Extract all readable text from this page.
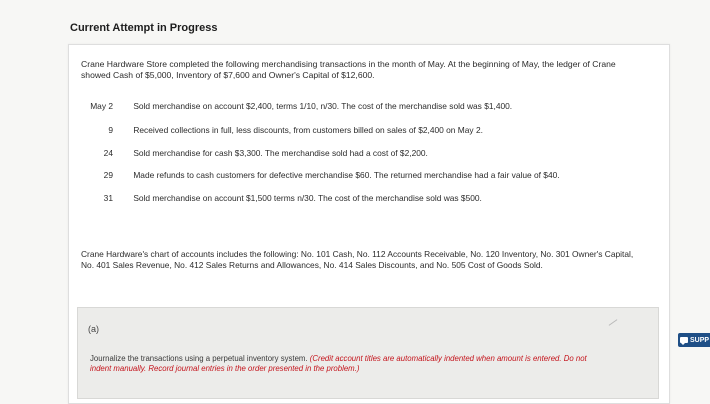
Current Attempt in Progress
Crane Hardware Store completed the following merchandising transactions in the month of May. At the beginning of May, the ledger of Crane showed Cash of $5,000, Inventory of $7,600 and Owner's Capital of $12,600.
May 2 Sold merchandise on account $2,400, terms 1/10, n/30. The cost of the merchandise sold was $1,400.
9 Received collections in full, less discounts, from customers billed on sales of $2,400 on May 2.
24 Sold merchandise for cash $3,300. The merchandise sold had a cost of $2,200.
29 Made refunds to cash customers for defective merchandise $60. The returned merchandise had a fair value of $40.
31 Sold merchandise on account $1,500 terms n/30. The cost of the merchandise sold was $500.
Crane Hardware's chart of accounts includes the following: No. 101 Cash, No. 112 Accounts Receivable, No. 120 Inventory, No. 301 Owner's Capital, No. 401 Sales Revenue, No. 412 Sales Returns and Allowances, No. 414 Sales Discounts, and No. 505 Cost of Goods Sold.
(a)
Journalize the transactions using a perpetual inventory system. (Credit account titles are automatically indented when amount is entered. Do not indent manually. Record journal entries in the order presented in the problem.)
SUPP
